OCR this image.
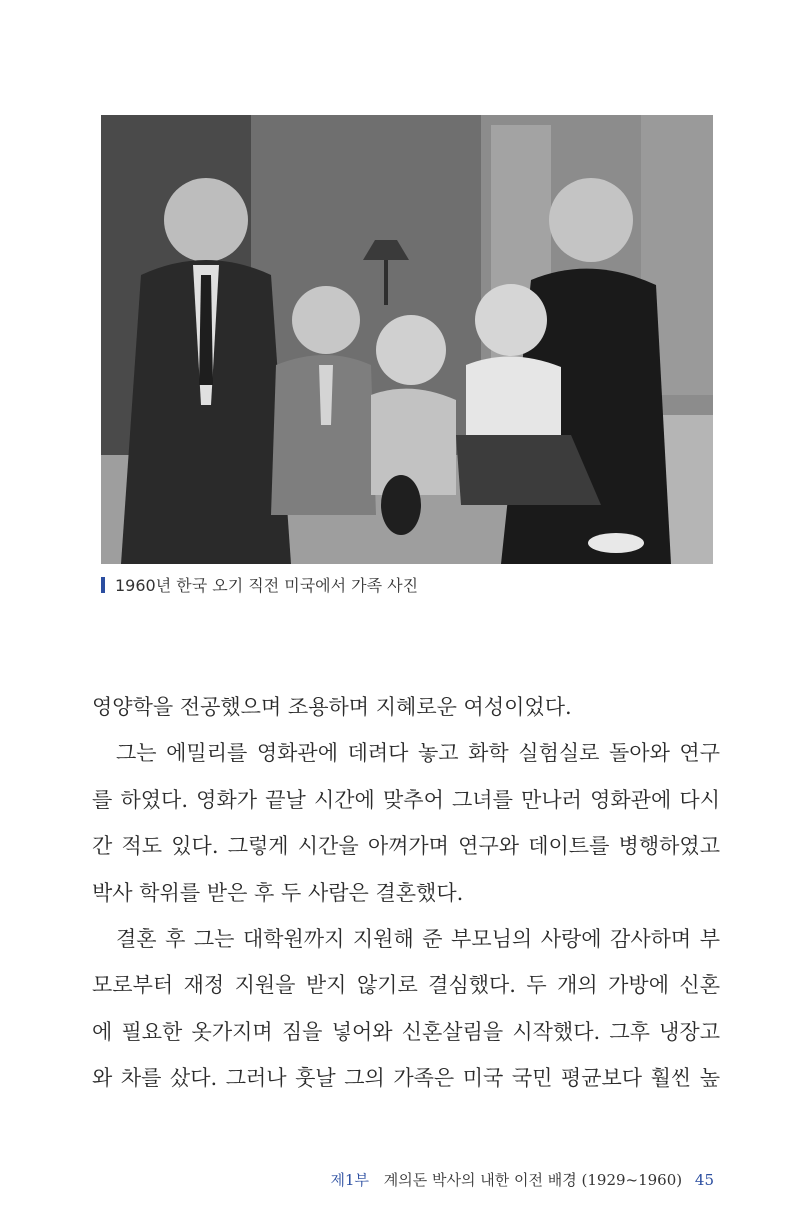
1960년 한국 오기 직전 미국에서 가족 사진
영양학을 전공했으며 조용하며 지혜로운 여성이었다.
그는 에밀리를 영화관에 데려다 놓고 화학 실험실로 돌아와 연구
를 하였다. 영화가 끝날 시간에 맞추어 그녀를 만나러 영화관에 다시
간 적도 있다. 그렇게 시간을 아껴가며 연구와 데이트를 병행하였고
박사 학위를 받은 후 두 사람은 결혼했다.
결혼 후 그는 대학원까지 지원해 준 부모님의 사랑에 감사하며 부
모로부터 재정 지원을 받지 않기로 결심했다. 두 개의 가방에 신혼
에 필요한 옷가지며 짐을 넣어와 신혼살림을 시작했다. 그후 냉장고
와 차를 샀다. 그러나 훗날 그의 가족은 미국 국민 평균보다 훨씬 높
제1부 계의돈 박사의 내한 이전 배경 (1929~1960) 45
